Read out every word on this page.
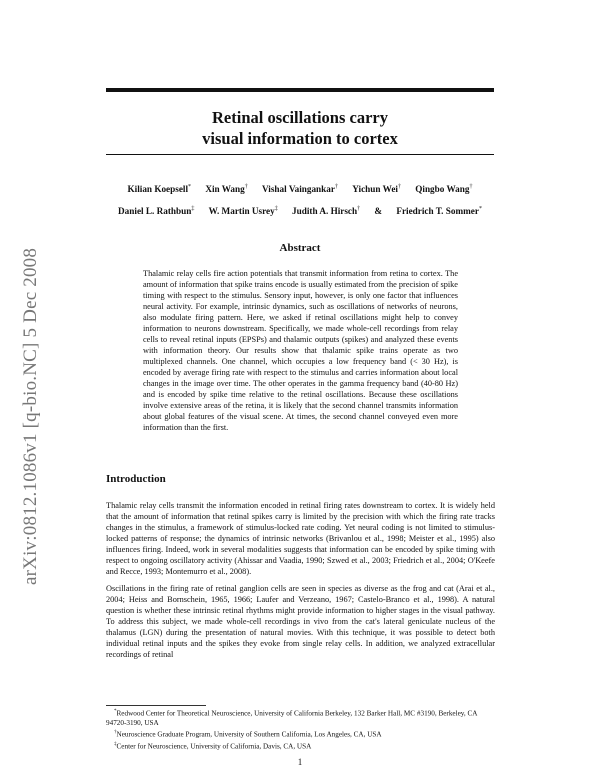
arXiv:0812.1086v1 [q-bio.NC] 5 Dec 2008
Retinal oscillations carry
visual information to cortex
Kilian Koepsell* Xin Wang† Vishal Vaingankar† Yichun Wei† Qingbo Wang†
Daniel L. Rathbun‡ W. Martin Usrey‡ Judith A. Hirsch† & Friedrich T. Sommer*
Abstract
Thalamic relay cells fire action potentials that transmit information from retina to cortex. The amount of information that spike trains encode is usually estimated from the precision of spike timing with respect to the stimulus. Sensory input, however, is only one factor that influences neural activity. For example, intrinsic dynamics, such as oscillations of networks of neurons, also modulate firing pattern. Here, we asked if retinal oscillations might help to convey information to neurons downstream. Specifically, we made whole-cell recordings from relay cells to reveal retinal inputs (EPSPs) and thalamic outputs (spikes) and analyzed these events with information theory. Our results show that thalamic spike trains operate as two multiplexed channels. One channel, which occupies a low frequency band (< 30 Hz), is encoded by average firing rate with respect to the stimulus and carries information about local changes in the image over time. The other operates in the gamma frequency band (40-80 Hz) and is encoded by spike time relative to the retinal oscillations. Because these oscillations involve extensive areas of the retina, it is likely that the second channel transmits information about global features of the visual scene. At times, the second channel conveyed even more information than the first.
Introduction

Thalamic relay cells transmit the information encoded in retinal firing rates downstream to cortex. It is widely held that the amount of information that retinal spikes carry is limited by the precision with which the firing rate tracks changes in the stimulus, a framework of stimulus-locked rate coding. Yet neural coding is not limited to stimulus-locked patterns of response; the dynamics of intrinsic networks (Brivanlou et al., 1998; Meister et al., 1995) also influences firing. Indeed, work in several modalities suggests that information can be encoded by spike timing with respect to ongoing oscillatory activity (Ahissar and Vaadia, 1990; Szwed et al., 2003; Friedrich et al., 2004; O'Keefe and Recce, 1993; Montemurro et al., 2008).

Oscillations in the firing rate of retinal ganglion cells are seen in species as diverse as the frog and cat (Arai et al., 2004; Heiss and Bornschein, 1965, 1966; Laufer and Verzeano, 1967; Castelo-Branco et al., 1998). A natural question is whether these intrinsic retinal rhythms might provide information to higher stages in the visual pathway. To address this subject, we made whole-cell recordings in vivo from the cat's lateral geniculate nucleus of the thalamus (LGN) during the presentation of natural movies. With this technique, it was possible to detect both individual retinal inputs and the spikes they evoke from single relay cells. In addition, we analyzed extracellular recordings of retinal

*Redwood Center for Theoretical Neuroscience, University of California Berkeley, 132 Barker Hall, MC #3190, Berkeley, CA 94720-3190, USA
†Neuroscience Graduate Program, University of Southern California, Los Angeles, CA, USA
‡Center for Neuroscience, University of California, Davis, CA, USA
1
